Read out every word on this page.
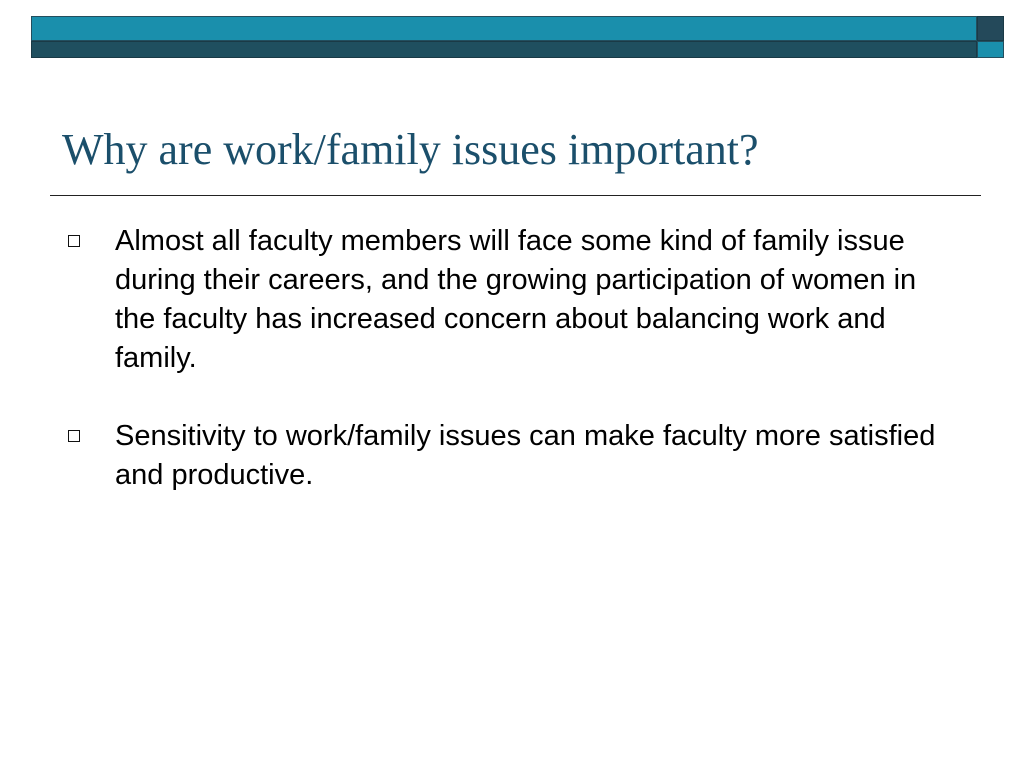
Why are work/family issues important?
Almost all faculty members will face some kind of family issue during their careers, and the growing participation of women in the faculty has increased concern about balancing work and family.
Sensitivity to work/family issues can make faculty more satisfied and productive.
